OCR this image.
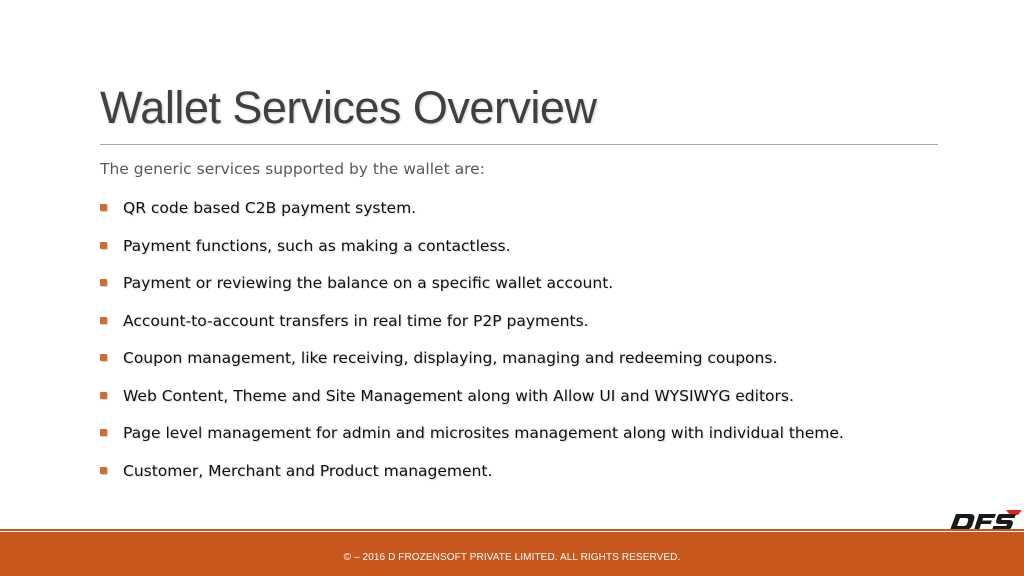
Wallet Services Overview
The generic services supported by the wallet are:
QR code based C2B payment system.
Payment functions, such as making a contactless.
Payment or reviewing the balance on a specific wallet account.
Account-to-account transfers in real time for P2P payments.
Coupon management, like receiving, displaying, managing and redeeming coupons.
Web Content, Theme and Site Management along with Allow UI and WYSIWYG editors.
Page level management for admin and microsites management along with individual theme.
Customer, Merchant and Product management.
© – 2016 D FROZENSOFT PRIVATE LIMITED. ALL RIGHTS RESERVED.
